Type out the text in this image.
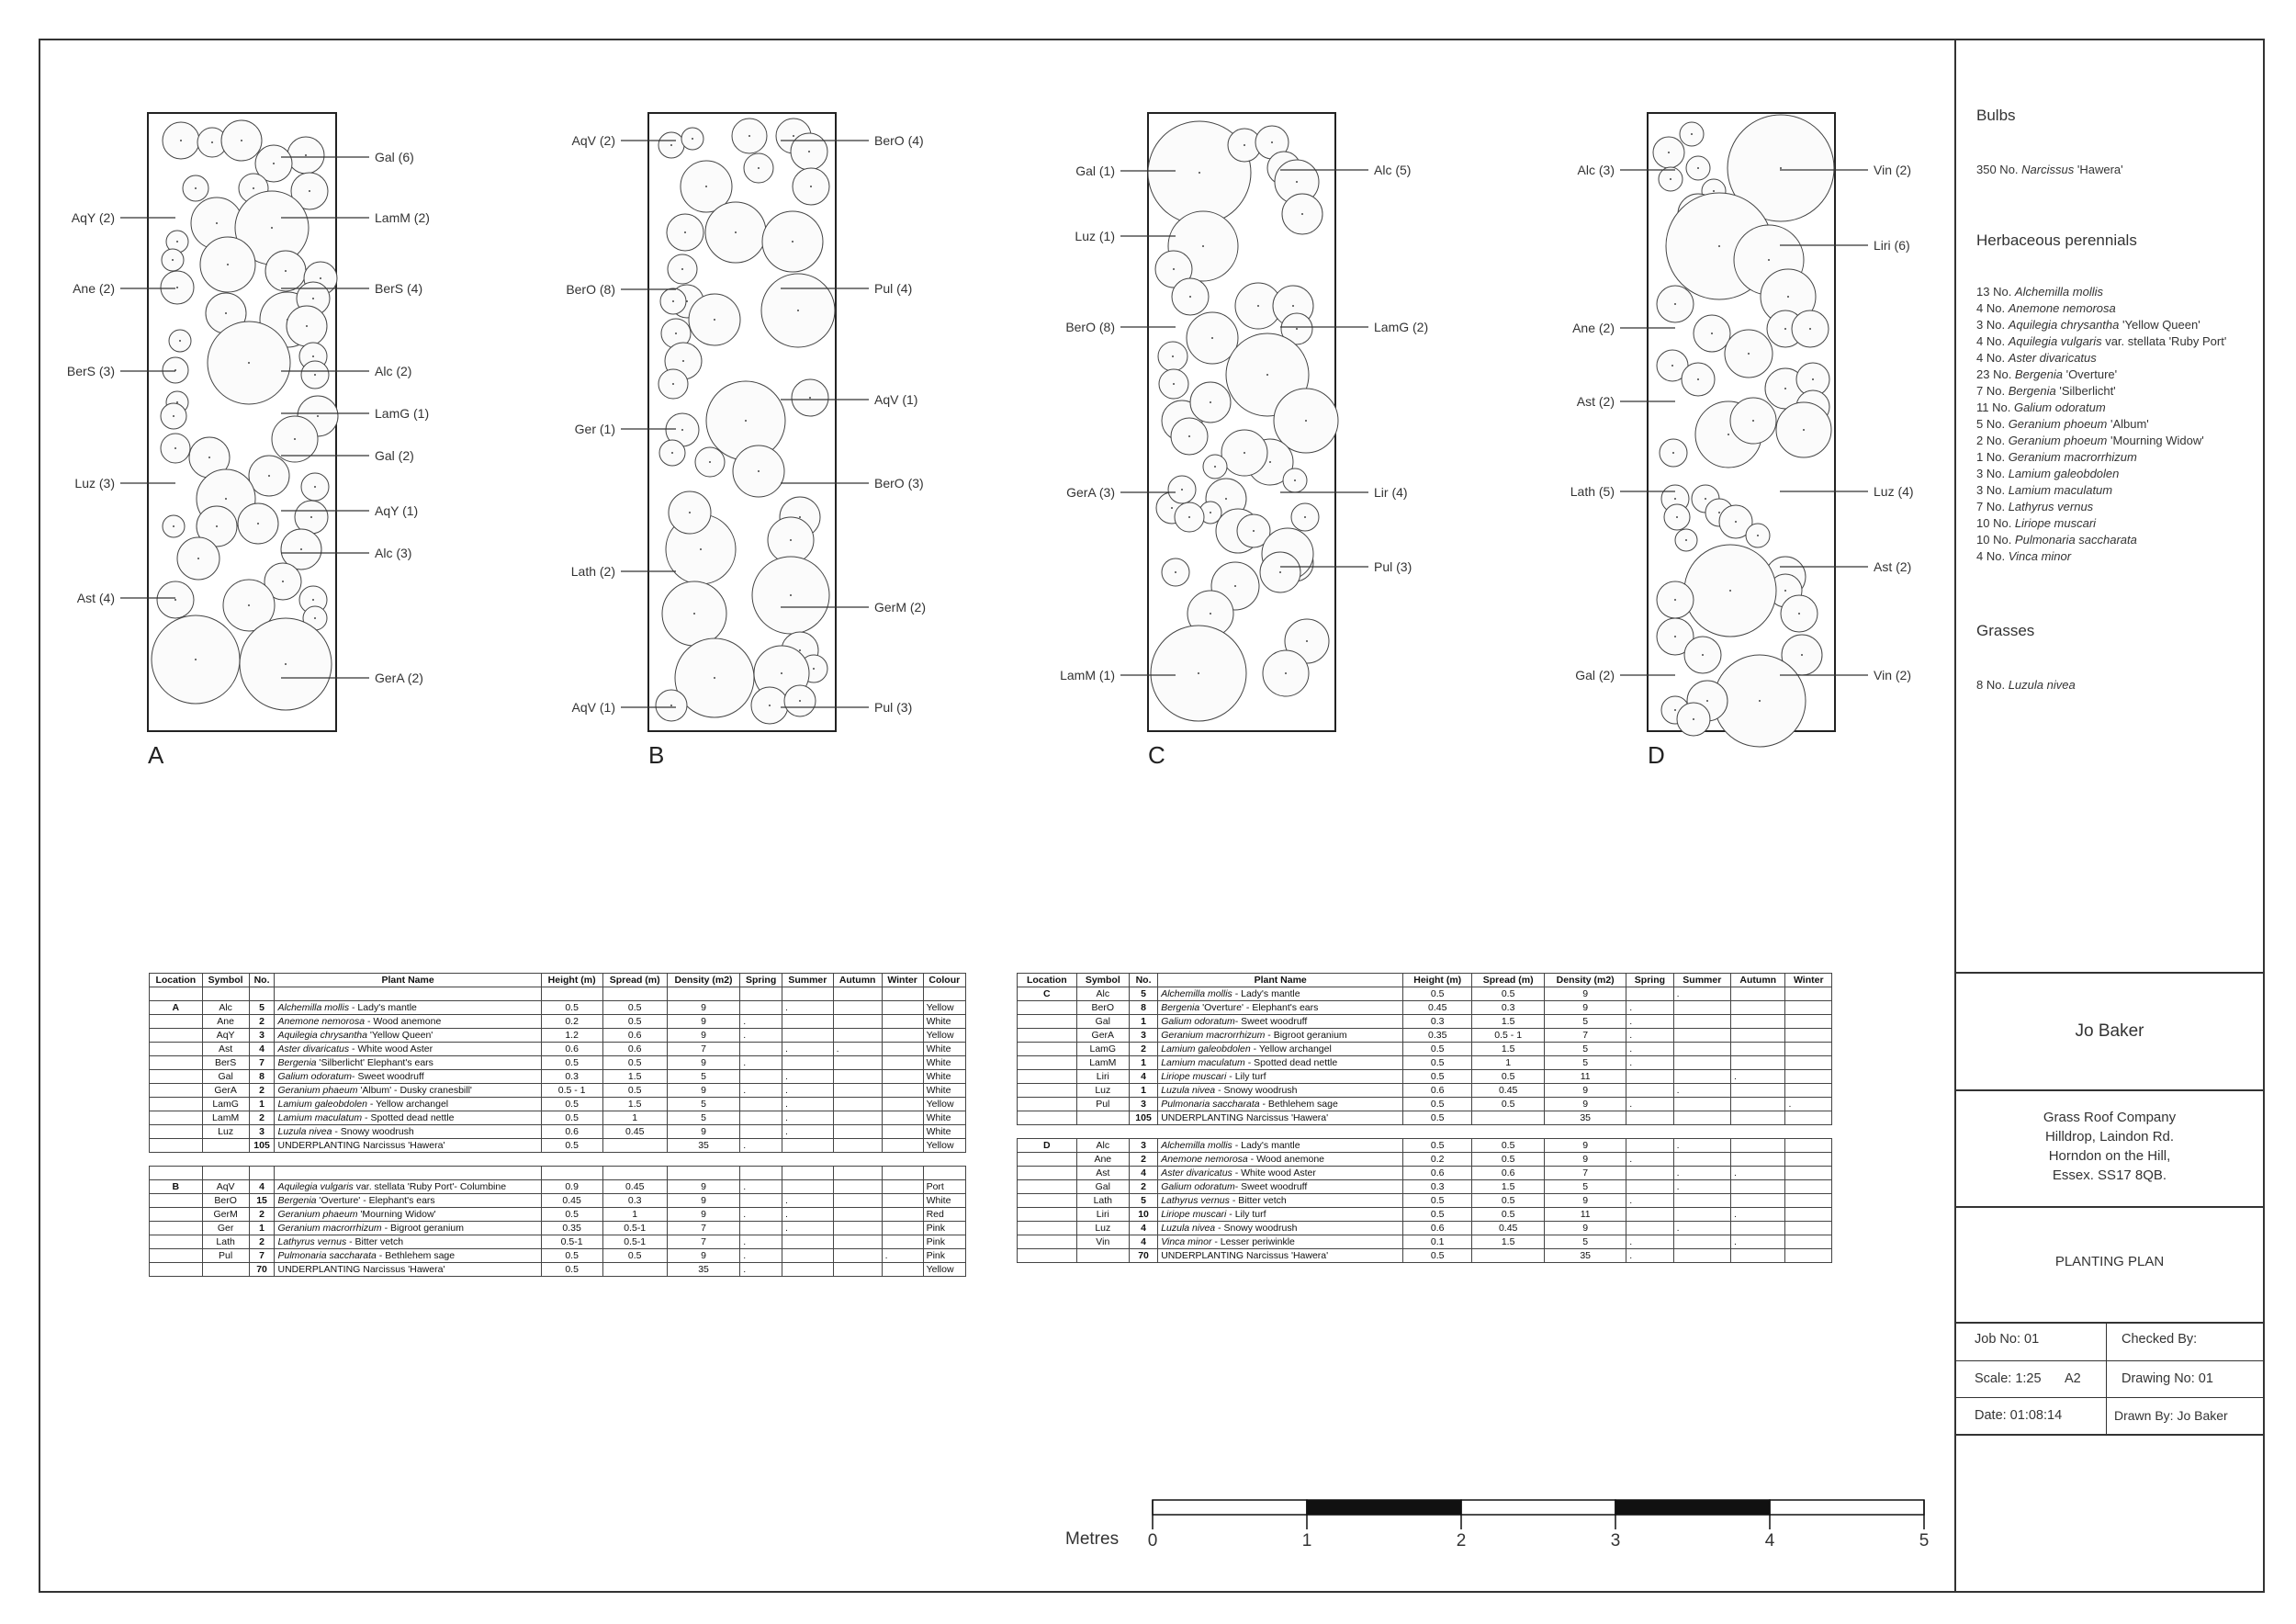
AqY (2)
Ane (2)
BerS (3)
Luz (3)
Ast (4)
Gal (6)
LamM (2)
BerS (4)
Alc (2)
LamG (1)
Gal (2)
AqY (1)
Alc (3)
GerA (2)
A
AqV (2)
BerO (8)
Ger (1)
Lath (2)
AqV (1)
BerO (4)
Pul (4)
AqV (1)
BerO (3)
GerM (2)
Pul (3)
B
Gal (1)
Luz (1)
BerO (8)
GerA (3)
LamM (1)
Alc (5)
LamG (2)
Lir (4)
Pul (3)
C
Alc (3)
Ane (2)
Ast (2)
Lath (5)
Gal (2)
Vin (2)
Liri (6)
Luz (4)
Ast (2)
Vin (2)
D
Location	Symbol	No.	Plant Name	Height (m)	Spread (m)	Density (m2)	Spring	Summer	Autumn	Winter	Colour

A	Alc	5	Alchemilla mollis - Lady's mantle	0.5	0.5	9		.			Yellow
	Ane	2	Anemone nemorosa - Wood anemone	0.2	0.5	9	.				White
	AqY	3	Aquilegia chrysantha 'Yellow Queen'	1.2	0.6	9	.				Yellow
	Ast	4	Aster divaricatus - White wood Aster	0.6	0.6	7		.	.		White
	BerS	7	Bergenia 'Silberlicht' Elephant's ears	0.5	0.5	9	.				White
	Gal	8	Galium odoratum- Sweet woodruff	0.3	1.5	5		.			White
	GerA	2	Geranium phaeum 'Album' - Dusky cranesbill'	0.5 - 1	0.5	9	.	.			White
	LamG	1	Lamium galeobdolen - Yellow archangel	0.5	1.5	5		.			Yellow
	LamM	2	Lamium maculatum - Spotted dead nettle	0.5	1	5		.			White
	Luz	3	Luzula nivea - Snowy woodrush	0.6	0.45	9		.			White
		105	UNDERPLANTING Narcissus 'Hawera'	0.5		35	.				Yellow

B	AqV	4	Aquilegia vulgaris var. stellata 'Ruby Port'- Columbine	0.9	0.45	9	.				Port
	BerO	15	Bergenia 'Overture' - Elephant's ears	0.45	0.3	9		.			White
	GerM	2	Geranium phaeum 'Mourning Widow'	0.5	1	9	.	.			Red
	Ger	1	Geranium macrorrhizum - Bigroot geranium	0.35	0.5-1	7		.			Pink
	Lath	2	Lathyrus vernus - Bitter vetch	0.5-1	0.5-1	7	.				Pink
	Pul	7	Pulmonaria saccharata - Bethlehem sage	0.5	0.5	9	.			.	Pink
		70	UNDERPLANTING Narcissus 'Hawera'	0.5		35	.				Yellow
Location	Symbol	No.	Plant Name	Height (m)	Spread (m)	Density (m2)	Spring	Summer	Autumn	Winter
C	Alc	5	Alchemilla mollis - Lady's mantle	0.5	0.5	9		.		
	BerO	8	Bergenia 'Overture' - Elephant's ears	0.45	0.3	9	.			
	Gal	1	Galium odoratum- Sweet woodruff	0.3	1.5	5	.			
	GerA	3	Geranium macrorrhizum - Bigroot geranium	0.35	0.5 - 1	7	.			
	LamG	2	Lamium galeobdolen - Yellow archangel	0.5	1.5	5	.			
	LamM	1	Lamium maculatum - Spotted dead nettle	0.5	1	5	.			
	Liri	4	Liriope muscari - Lily turf	0.5	0.5	11			.	
	Luz	1	Luzula nivea - Snowy woodrush	0.6	0.45	9		.		
	Pul	3	Pulmonaria saccharata - Bethlehem sage	0.5	0.5	9	.			.
		105	UNDERPLANTING Narcissus 'Hawera'	0.5		35				

D	Alc	3	Alchemilla mollis - Lady's mantle	0.5	0.5	9		.		
	Ane	2	Anemone nemorosa - Wood anemone	0.2	0.5	9	.			
	Ast	4	Aster divaricatus - White wood Aster	0.6	0.6	7		.	.	
	Gal	2	Galium odoratum- Sweet woodruff	0.3	1.5	5		.		
	Lath	5	Lathyrus vernus - Bitter vetch	0.5	0.5	9	.			
	Liri	10	Liriope muscari - Lily turf	0.5	0.5	11			.	
	Luz	4	Luzula nivea - Snowy woodrush	0.6	0.45	9		.		
	Vin	4	Vinca minor - Lesser periwinkle	0.1	1.5	5	.		.	
		70	UNDERPLANTING Narcissus 'Hawera'	0.5		35	.			
Bulbs
350 No. Narcissus 'Hawera'
Herbaceous perennials
13 No. Alchemilla mollis
4 No. Anemone nemorosa
3 No. Aquilegia chrysantha 'Yellow Queen'
4 No. Aquilegia vulgaris var. stellata 'Ruby Port'
4 No. Aster divaricatus
23 No. Bergenia 'Overture'
7 No. Bergenia 'Silberlicht'
11 No. Galium odoratum
5 No. Geranium phoeum 'Album'
2 No. Geranium phoeum 'Mourning Widow'
1 No. Geranium macrorrhizum
3 No. Lamium galeobdolen
3 No. Lamium maculatum
7 No. Lathyrus vernus
10 No. Liriope muscari
10 No. Pulmonaria saccharata
4 No. Vinca minor
Grasses
8 No. Luzula nivea
Jo Baker
Grass Roof Company
Hilldrop, Laindon Rd.
Horndon on the Hill,
Essex. SS17 8QB.
PLANTING PLAN
Job No: 01	Checked By:
Scale: 1:25 A2	Drawing No: 01
Date: 01:08:14	Drawn By: Jo Baker
Metres 0	1	2	3	4	5
